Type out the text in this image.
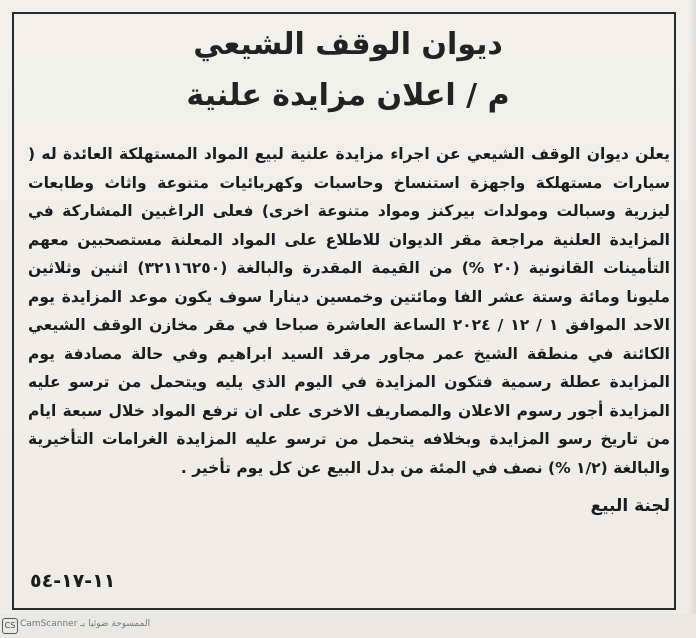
ديوان الوقف الشيعي
م / اعلان مزايدة علنية

يعلن ديوان الوقف الشيعي عن اجراء مزايدة علنية لبيع المواد المستهلكة العائدة له ( سيارات مستهلكة واجهزة استنساخ وحاسبات وكهربائيات متنوعة واثاث وطابعات ليزرية وسبالت ومولدات بيركنز ومواد متنوعة اخرى) فعلى الراغبين المشاركة في المزايدة العلنية مراجعة مقر الديوان للاطلاع على المواد المعلنة مستصحبين معهم التأمينات القانونية (٢٠ %) من القيمة المقدرة والبالغة (٣٢١١٦٢٥٠) اثنين وثلاثين مليونا ومائة وستة عشر الفا ومائتين وخمسين دينارا سوف يكون موعد المزايدة يوم الاحد الموافق ١ / ١٢ / ٢٠٢٤ الساعة العاشرة صباحا في مقر مخازن الوقف الشيعي الكائنة في منطقة الشيخ عمر مجاور مرقد السيد ابراهيم وفي حالة مصادفة يوم المزايدة عطلة رسمية فتكون المزايدة في اليوم الذي يليه ويتحمل من ترسو عليه المزايدة أجور رسوم الاعلان والمصاريف الاخرى على ان ترفع المواد خلال سبعة ايام من تاريخ رسو المزايدة وبخلافه يتحمل من ترسو عليه المزايدة الغرامات التأخيرية والبالغة (١/٢ %) نصف في المئة من بدل البيع عن كل يوم تأخير .

لجنة البيع
١١-١٧-٥٤
CS CamScanner الممسوحة ضوئيا بـ
